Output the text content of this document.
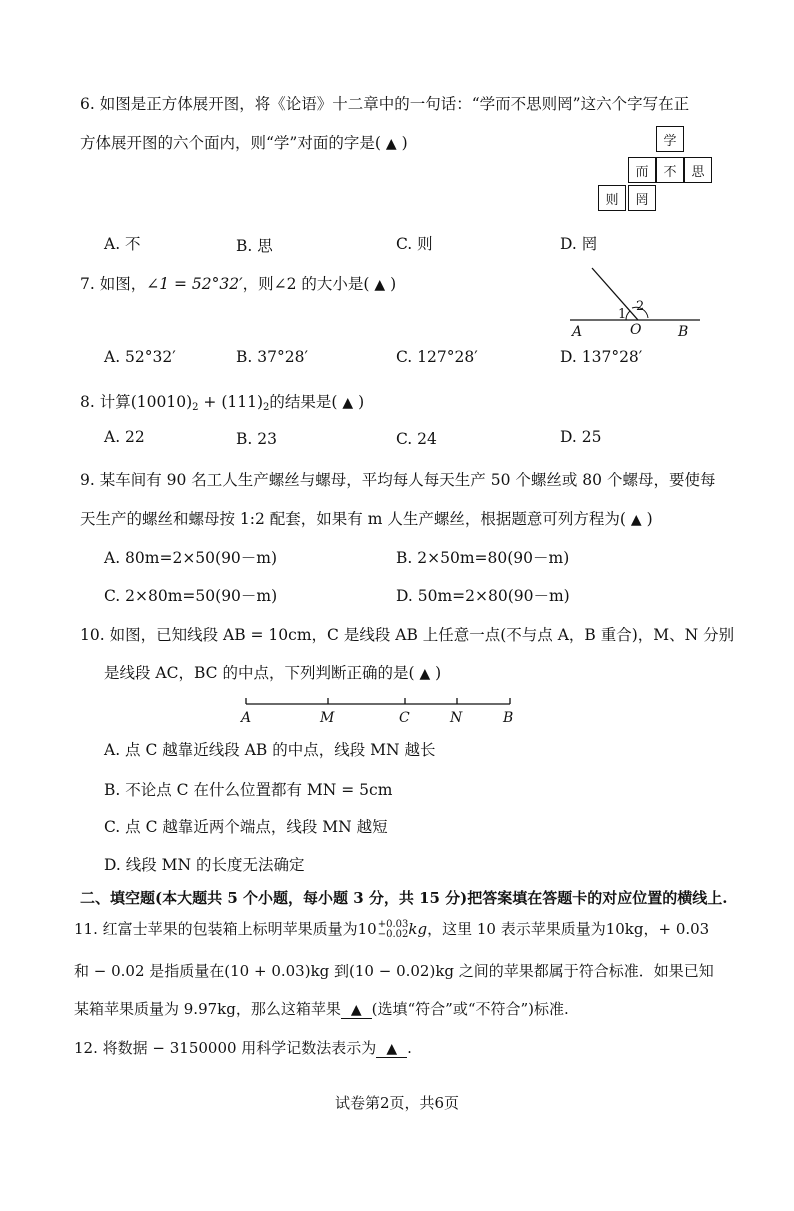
6. 如图是正方体展开图，将《论语》十二章中的一句话：“学而不思则罔”这六个字写在正
方体展开图的六个面内，则“学”对面的字是( ▲ )	学
而	不	思
则	罔
A. 不	B. 思	C. 则	D. 罔
7. 如图，∠1 = 52°32′，则∠2 的大小是( ▲ )
A	O	B
1
2
A. 52°32′	B. 37°28′	C. 127°28′	D. 137°28′
8. 计算(10010)2 + (111)2的结果是( ▲ )
A. 22	B. 23	C. 24	D. 25
9. 某车间有 90 名工人生产螺丝与螺母，平均每人每天生产 50 个螺丝或 80 个螺母，要使每
天生产的螺丝和螺母按 1:2 配套，如果有 m 人生产螺丝，根据题意可列方程为( ▲ )
A. 80m=2×50(90－m)	B. 2×50m=80(90－m)
C. 2×80m=50(90－m)	D. 50m=2×80(90－m)
10. 如图，已知线段 AB = 10cm，C 是线段 AB 上任意一点(不与点 A，B 重合)，M、N 分别
是线段 AC，BC 的中点，下列判断正确的是( ▲ )
A	M	C	N	B
A. 点 C 越靠近线段 AB 的中点，线段 MN 越长
B. 不论点 C 在什么位置都有 MN = 5cm
C. 点 C 越靠近两个端点，线段 MN 越短
D. 线段 MN 的长度无法确定
二、填空题(本大题共 5 个小题，每小题 3 分，共 15 分)把答案填在答题卡的对应位置的横线上.
11. 红富士苹果的包装箱上标明苹果质量为10 +0.03
−0.02 kg，这里 10 表示苹果质量为10kg，+ 0.03
和 − 0.02 是指质量在(10 + 0.03)kg 到(10 − 0.02)kg 之间的苹果都属于符合标准．如果已知
某箱苹果质量为 9.97kg，那么这箱苹果 ▲ (选填“符合”或“不符合”)标准.
12. 将数据 − 3150000 用科学记数法表示为 ▲ .
试卷第2页，共6页
